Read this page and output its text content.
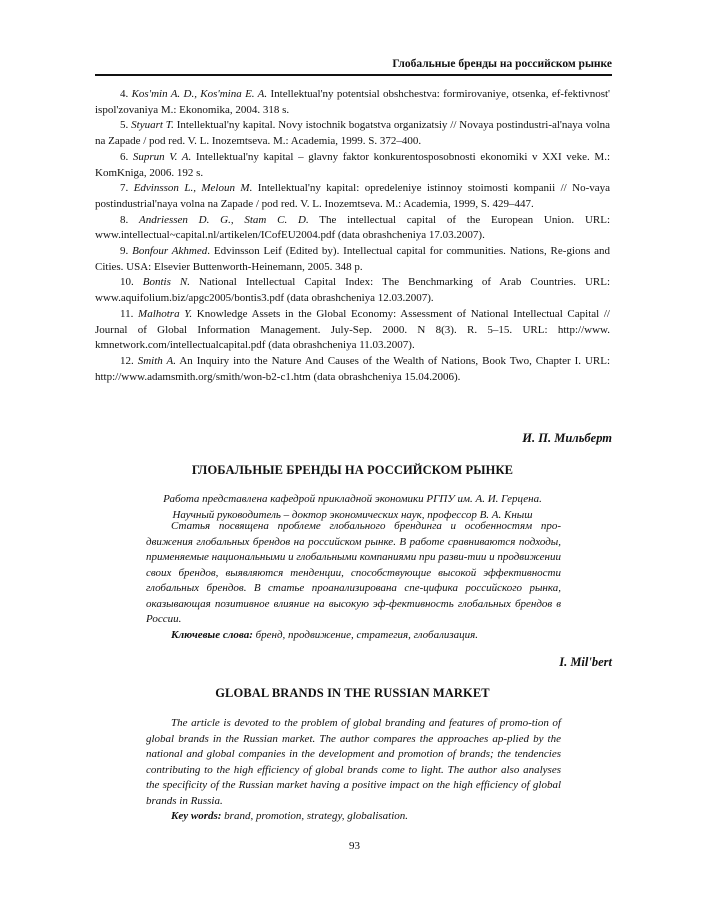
Глобальные бренды на российском рынке

4. Kos'min A. D., Kos'mina E. A. Intellektual'ny potentsial obshchestva: formirovaniye, otsenka, ef-fektivnost' ispol'zovaniya M.: Ekonomika, 2004. 318 s.

5. Styuart T. Intellektual'ny kapital. Novy istochnik bogatstva organizatsiy // Novaya postindustri-al'naya volna na Zapade / pod red. V. L. Inozemtseva. M.: Academia, 1999. S. 372–400.

6. Suprun V. A. Intellektual'ny kapital – glavny faktor konkurentosposobnosti ekonomiki v XXI veke. M.: KomKniga, 2006. 192 s.

7. Edvinsson L., Meloun M. Intellektual'ny kapital: opredeleniye istinnoy stoimosti kompanii // No-vaya postindustrial'naya volna na Zapade / pod red. V. L. Inozemtseva. M.: Academia, 1999, S. 429–447.

8. Andriessen D. G., Stam C. D. The intellectual capital of the European Union. URL: www.intellectual~capital.nl/artikelen/ICofEU2004.pdf (data obrashcheniya 17.03.2007).

9. Bonfour Akhmed. Edvinsson Leif (Edited by). Intellectual capital for communities. Nations, Re-gions and Cities. USA: Elsevier Buttenworth-Heinemann, 2005. 348 p.

10. Bontis N. National Intellectual Capital Index: The Benchmarking of Arab Countries. URL: www.aquifolium.biz/apgc2005/bontis3.pdf (data obrashcheniya 12.03.2007).

11. Malhotra Y. Knowledge Assets in the Global Economy: Assessment of National Intellectual Capital // Journal of Global Information Management. July-Sep. 2000. N 8(3). R. 5–15. URL: http://www. kmnetwork.com/intellectualcapital.pdf (data obrashcheniya 11.03.2007).

12. Smith A. An Inquiry into the Nature And Causes of the Wealth of Nations, Book Two, Chapter I. URL: http://www.adamsmith.org/smith/won-b2-c1.htm (data obrashcheniya 15.04.2006).

И. П. Мильберт
ГЛОБАЛЬНЫЕ БРЕНДЫ НА РОССИЙСКОМ РЫНКЕ
Работа представлена кафедрой прикладной экономики РГПУ им. А. И. Герцена.
Научный руководитель – доктор экономических наук, профессор В. А. Кныш

Статья посвящена проблеме глобального брендинга и особенностям про-движения глобальных брендов на российском рынке. В работе сравниваются подходы, применяемые национальными и глобальными компаниями при разви-тии и продвижении своих брендов, выявляются тенденции, способствующие высокой эффективности глобальных брендов. В статье проанализирована спе-цифика российского рынка, оказывающая позитивное влияние на высокую эф-фективность глобальных брендов в России.

Ключевые слова: бренд, продвижение, стратегия, глобализация.

I. Mil'bert
GLOBAL BRANDS IN THE RUSSIAN MARKET

The article is devoted to the problem of global branding and features of promo-tion of global brands in the Russian market. The author compares the approaches ap-plied by the national and global companies in the development and promotion of brands; the tendencies contributing to the high efficiency of global brands come to light. The author also analyses the specificity of the Russian market having a positive impact on the high efficiency of global brands in Russia.

Key words: brand, promotion, strategy, globalisation.

93
